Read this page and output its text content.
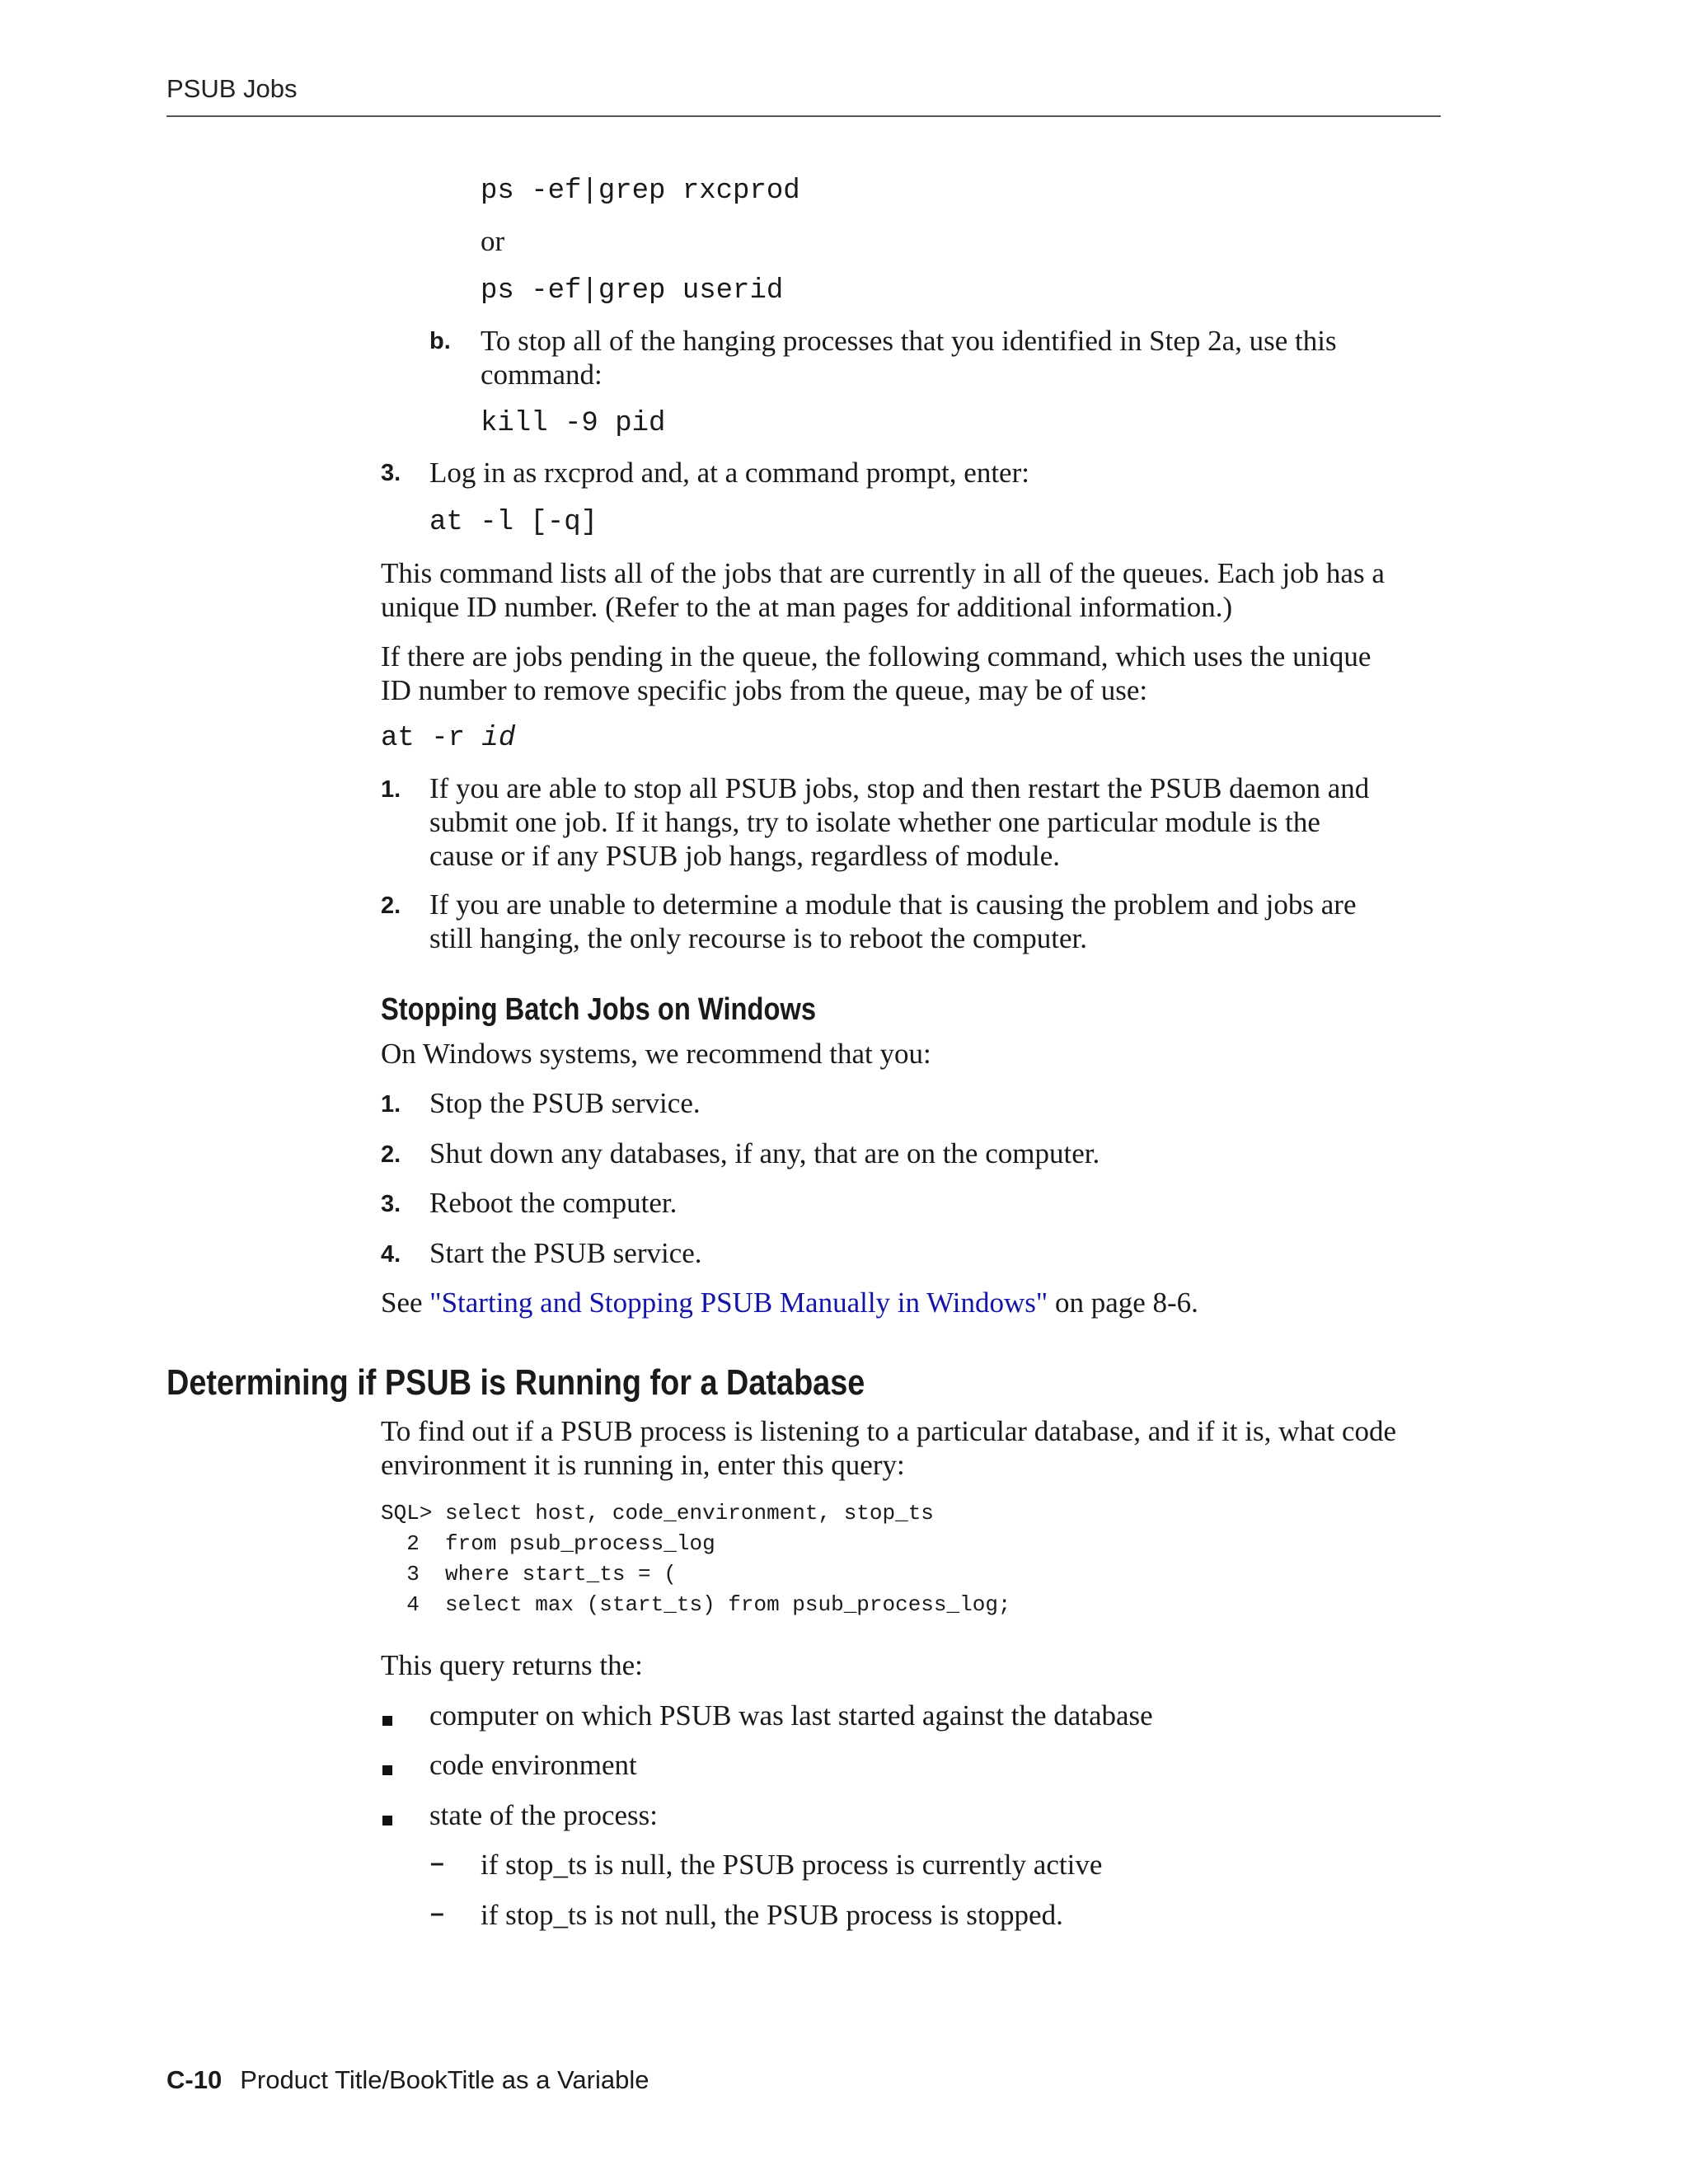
PSUB Jobs
ps -ef|grep rxcprod
or
ps -ef|grep userid
b. To stop all of the hanging processes that you identified in Step 2a, use this
command:
kill -9 pid
3. Log in as rxcprod and, at a command prompt, enter:
at -l [-q]
This command lists all of the jobs that are currently in all of the queues. Each job has a
unique ID number. (Refer to the at man pages for additional information.)
If there are jobs pending in the queue, the following command, which uses the unique
ID number to remove specific jobs from the queue, may be of use:
at -r id
1. If you are able to stop all PSUB jobs, stop and then restart the PSUB daemon and
submit one job. If it hangs, try to isolate whether one particular module is the
cause or if any PSUB job hangs, regardless of module.
2. If you are unable to determine a module that is causing the problem and jobs are
still hanging, the only recourse is to reboot the computer.
Stopping Batch Jobs on Windows
On Windows systems, we recommend that you:
1. Stop the PSUB service.
2. Shut down any databases, if any, that are on the computer.
3. Reboot the computer.
4. Start the PSUB service.
See "Starting and Stopping PSUB Manually in Windows" on page 8-6.
Determining if PSUB is Running for a Database
To find out if a PSUB process is listening to a particular database, and if it is, what code
environment it is running in, enter this query:
SQL> select host, code_environment, stop_ts
2  from psub_process_log
3  where start_ts = (
4  select max (start_ts) from psub_process_log;
This query returns the:
computer on which PSUB was last started against the database
code environment
state of the process:
– if stop_ts is null, the PSUB process is currently active
– if stop_ts is not null, the PSUB process is stopped.
C-10 Product Title/BookTitle as a Variable
